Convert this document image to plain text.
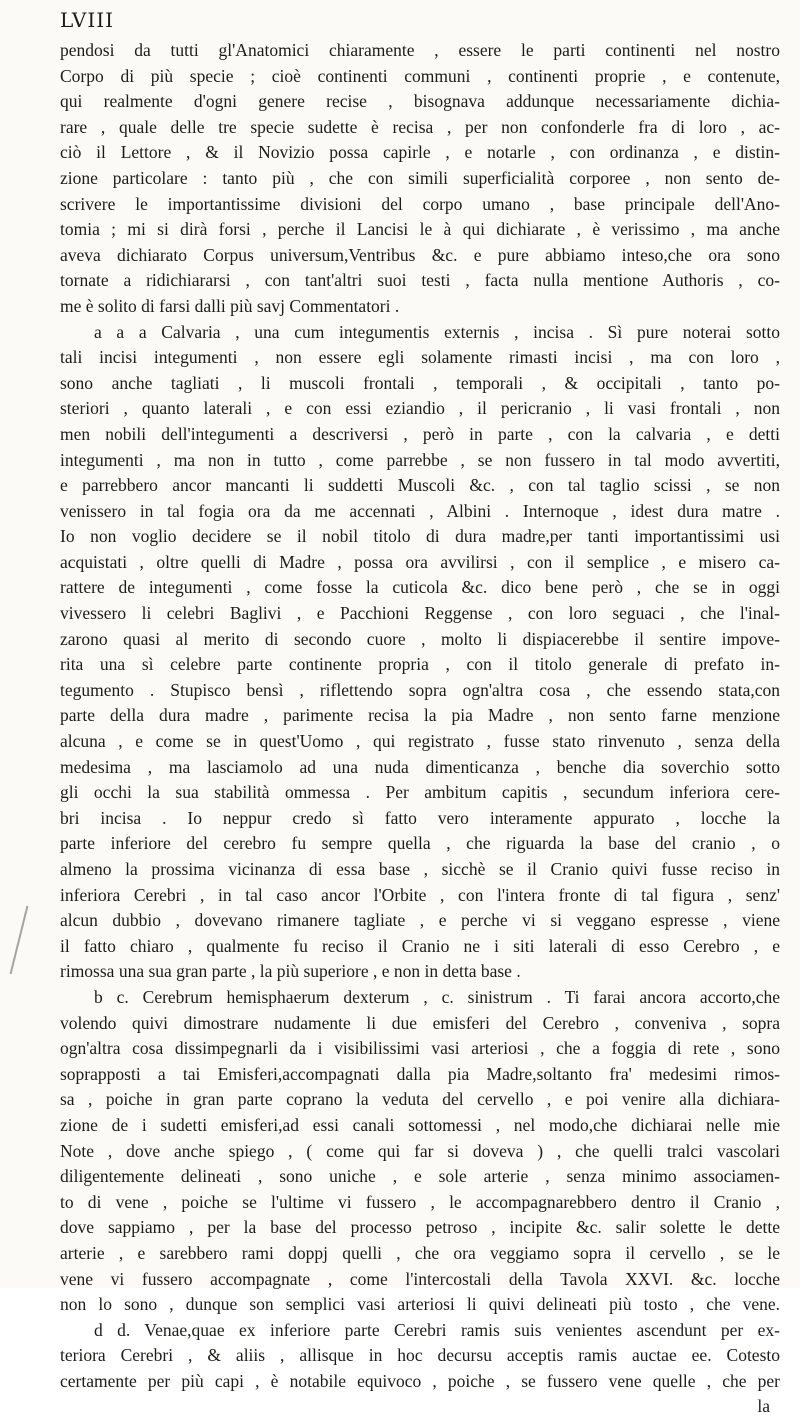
LVIII
pendosi da tutti gl'Anatomici chiaramente , essere le parti continenti nel nostro
Corpo di più specie ; cioè continenti communi , continenti proprie , e contenute,
qui realmente d'ogni genere recise , bisognava addunque necessariamente dichia-
rare , quale delle tre specie sudette è recisa , per non confonderle fra di loro , ac-
ciò il Lettore , & il Novizio possa capirle , e notarle , con ordinanza , e distin-
zione particolare : tanto più , che con simili superficialità corporee , non sento de-
scrivere le importantissime divisioni del corpo umano , base principale dell'Ano-
tomia ; mi si dirà forsi , perche il Lancisi le à qui dichiarate , è verissimo , ma anche
aveva dichiarato Corpus universum,Ventribus &c. e pure abbiamo inteso,che ora sono
tornate a ridichiararsi , con tant'altri suoi testi , facta nulla mentione Authoris , co-
me è solito di farsi dalli più savj Commentatori .
a a a Calvaria , una cum integumentis externis , incisa . Sì pure noterai sotto
tali incisi integumenti , non essere egli solamente rimasti incisi , ma con loro ,
sono anche tagliati , li muscoli frontali , temporali , & occipitali , tanto po-
steriori , quanto laterali , e con essi eziandio , il pericranio , li vasi frontali , non
men nobili dell'integumenti a descriversi , però in parte , con la calvaria , e detti
integumenti , ma non in tutto , come parrebbe , se non fussero in tal modo avvertiti,
e parrebbero ancor mancanti li suddetti Muscoli &c. , con tal taglio scissi , se non
venissero in tal fogia ora da me accennati , Albini . Internoque , idest dura matre .
Io non voglio decidere se il nobil titolo di dura madre,per tanti importantissimi usi
acquistati , oltre quelli di Madre , possa ora avvilirsi , con il semplice , e misero ca-
rattere de integumenti , come fosse la cuticola &c. dico bene però , che se in oggi
vivessero li celebri Baglivi , e Pacchioni Reggense , con loro seguaci , che l'inal-
zarono quasi al merito di secondo cuore , molto li dispiacerebbe il sentire impove-
rita una sì celebre parte continente propria , con il titolo generale di prefato in-
tegumento . Stupisco bensì , riflettendo sopra ogn'altra cosa , che essendo stata,con
parte della dura madre , parimente recisa la pia Madre , non sento farne menzione
alcuna , e come se in quest'Uomo , qui registrato , fusse stato rinvenuto , senza della
medesima , ma lasciamolo ad una nuda dimenticanza , benche dia soverchio sotto
gli occhi la sua stabilità ommessa . Per ambitum capitis , secundum inferiora cere-
bri incisa . Io neppur credo sì fatto vero interamente appurato , locche la
parte inferiore del cerebro fu sempre quella , che riguarda la base del cranio , o
almeno la prossima vicinanza di essa base , sicchè se il Cranio quivi fusse reciso in
inferiora Cerebri , in tal caso ancor l'Orbite , con l'intera fronte di tal figura , senz'
alcun dubbio , dovevano rimanere tagliate , e perche vi si veggano espresse , viene
il fatto chiaro , qualmente fu reciso il Cranio ne i siti laterali di esso Cerebro , e
rimossa una sua gran parte , la più superiore , e non in detta base .
b c. Cerebrum hemisphaerum dexterum , c. sinistrum . Ti farai ancora accorto,che
volendo quivi dimostrare nudamente li due emisferi del Cerebro , conveniva , sopra
ogn'altra cosa dissimpegnarli da i visibilissimi vasi arteriosi , che a foggia di rete , sono
soprapposti a tai Emisferi,accompagnati dalla pia Madre,soltanto fra' medesimi rimos-
sa , poiche in gran parte coprano la veduta del cervello , e poi venire alla dichiara-
zione de i sudetti emisferi,ad essi canali sottomessi , nel modo,che dichiarai nelle mie
Note , dove anche spiego , ( come qui far si doveva ) , che quelli tralci vascolari
diligentemente delineati , sono uniche , e sole arterie , senza minimo associamen-
to di vene , poiche se l'ultime vi fussero , le accompagnarebbero dentro il Cranio ,
dove sappiamo , per la base del processo petroso , incipite &c. salir solette le dette
arterie , e sarebbero rami doppj quelli , che ora veggiamo sopra il cervello , se le
vene vi fussero accompagnate , come l'intercostali della Tavola XXVI. &c. locche
non lo sono , dunque son semplici vasi arteriosi li quivi delineati più tosto , che vene.
d d. Venae,quae ex inferiore parte Cerebri ramis suis venientes ascendunt per ex-
teriora Cerebri , & aliis , allisque in hoc decursu acceptis ramis auctae ee. Cotesto
certamente per più capi , è notabile equivoco , poiche , se fussero vene quelle , che per
la
